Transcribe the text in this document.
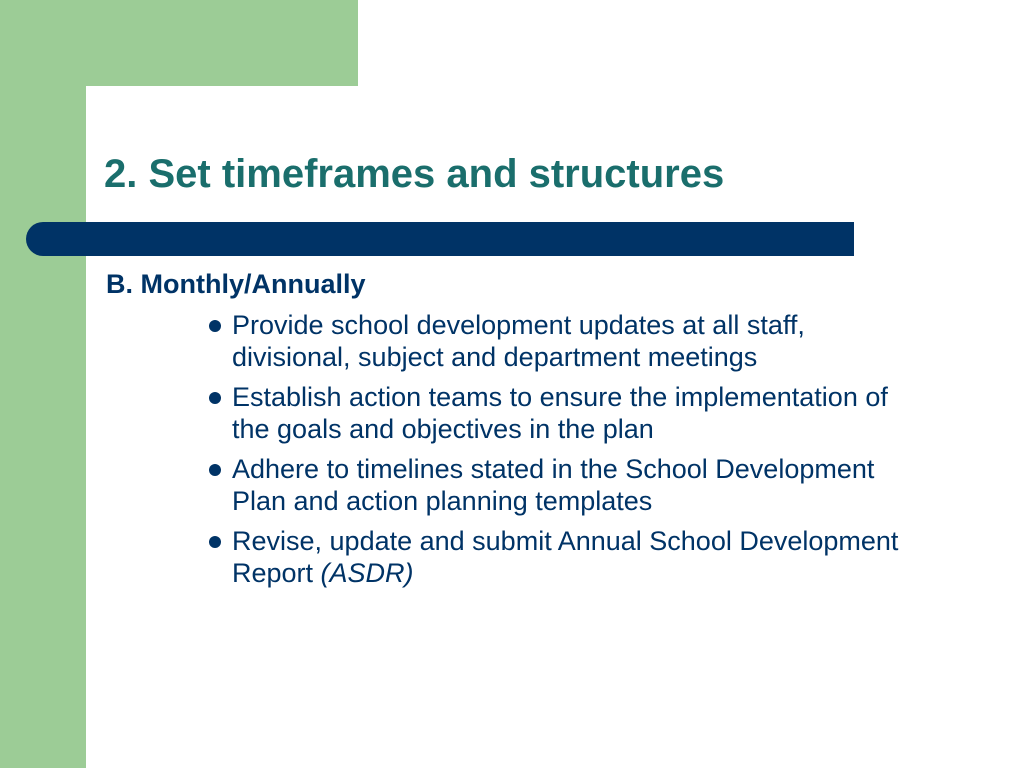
2. Set timeframes and structures
B. Monthly/Annually
Provide school development updates at all staff, divisional, subject and department meetings
Establish action teams to ensure the implementation of the goals and objectives in the plan
Adhere to timelines stated in the School Development Plan and action planning templates
Revise, update and submit Annual School Development Report (ASDR)
